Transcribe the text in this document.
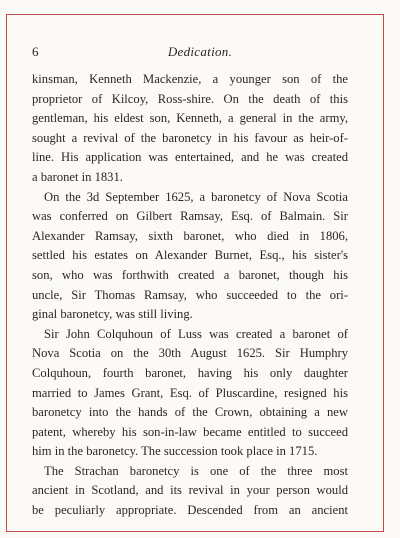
6	Dedication.
kinsman, Kenneth Mackenzie, a younger son of the
proprietor of Kilcoy, Ross-shire. On the death of this
gentleman, his eldest son, Kenneth, a general in the army,
sought a revival of the baronetcy in his favour as heir-of-
line. His application was entertained, and he was created
a baronet in 1831.
On the 3d September 1625, a baronetcy of Nova Scotia
was conferred on Gilbert Ramsay, Esq. of Balmain. Sir
Alexander Ramsay, sixth baronet, who died in 1806,
settled his estates on Alexander Burnet, Esq., his sister's
son, who was forthwith created a baronet, though his
uncle, Sir Thomas Ramsay, who succeeded to the ori-
ginal baronetcy, was still living.
Sir John Colquhoun of Luss was created a baronet of
Nova Scotia on the 30th August 1625. Sir Humphry
Colquhoun, fourth baronet, having his only daughter
married to James Grant, Esq. of Pluscardine, resigned his
baronetcy into the hands of the Crown, obtaining a new
patent, whereby his son-in-law became entitled to succeed
him in the baronetcy. The succession took place in 1715.
The Strachan baronetcy is one of the three most
ancient in Scotland, and its revival in your person would
be peculiarly appropriate. Descended from an ancient
